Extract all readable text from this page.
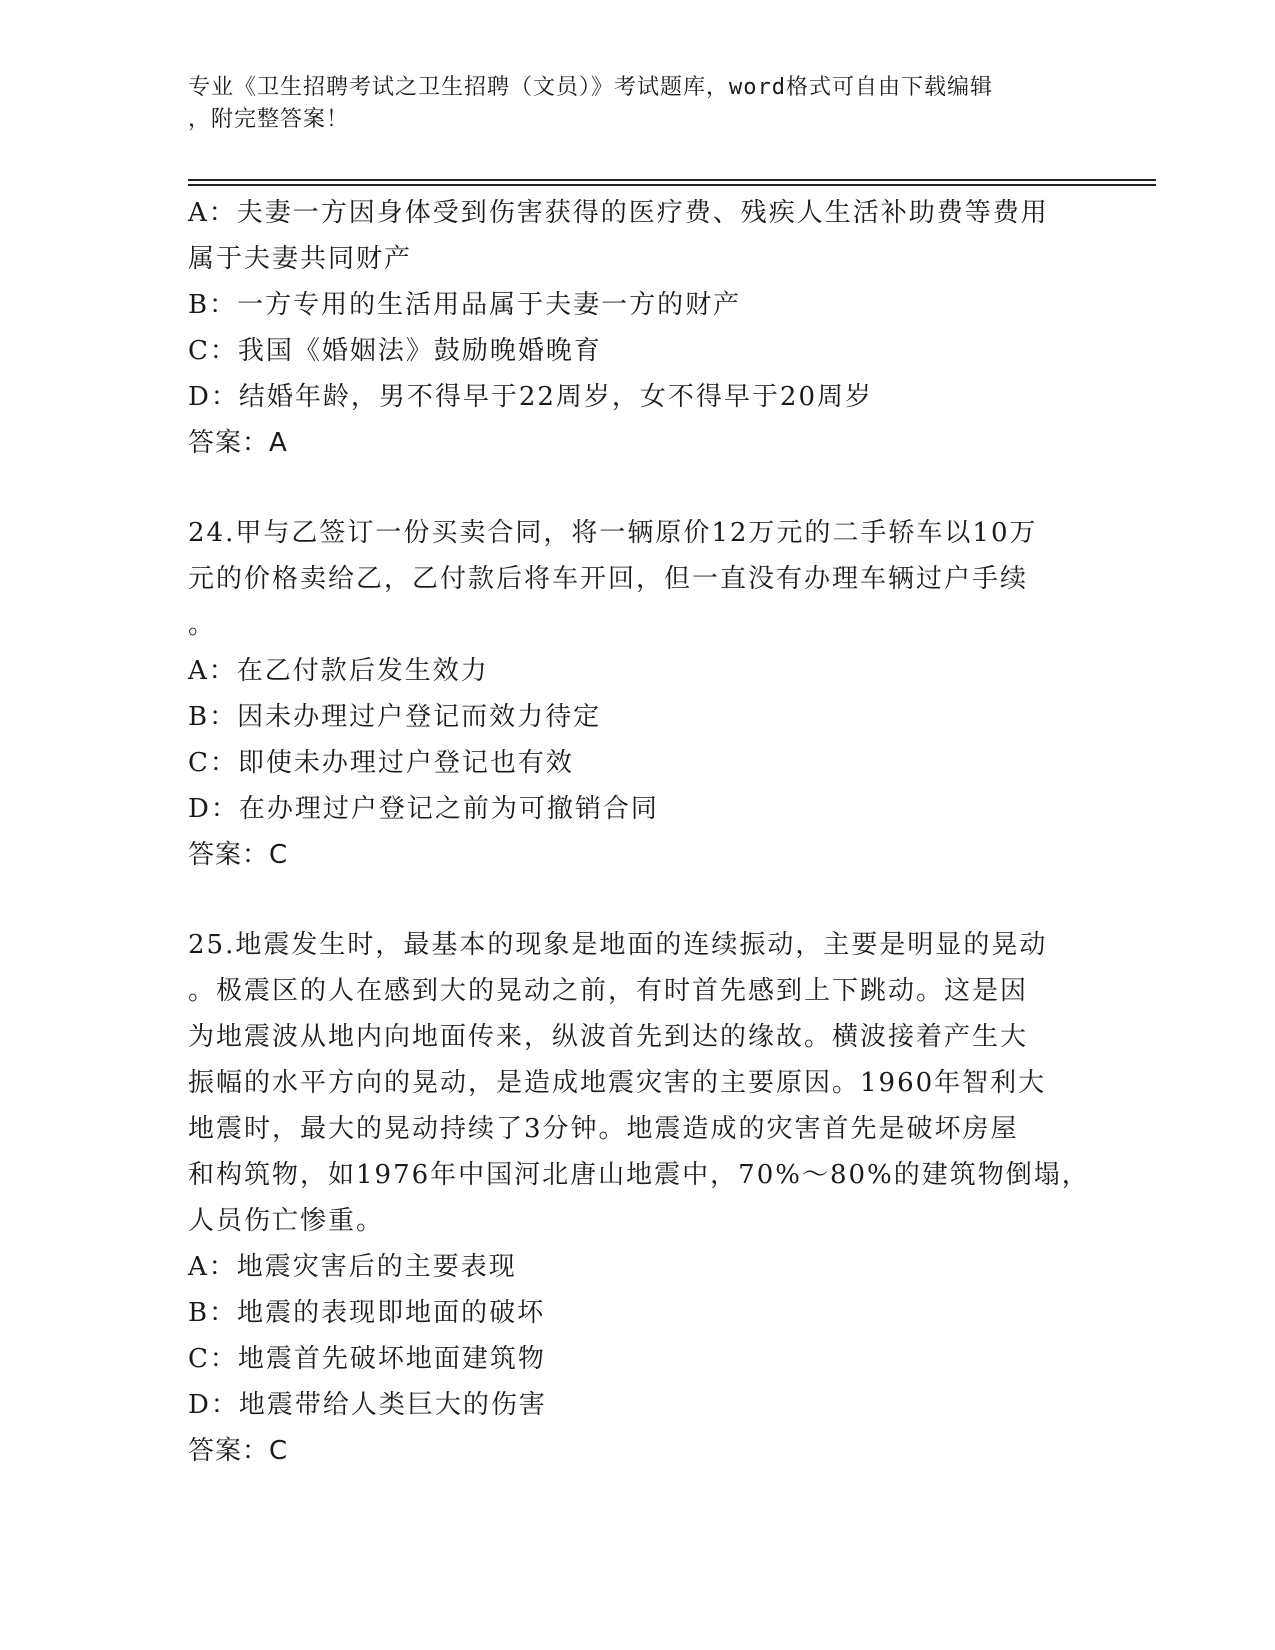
专业《卫生招聘考试之卫生招聘（文员）》考试题库，word格式可自由下载编辑
，附完整答案！
A：夫妻一方因身体受到伤害获得的医疗费、残疾人生活补助费等费用
属于夫妻共同财产
B：一方专用的生活用品属于夫妻一方的财产
C：我国《婚姻法》鼓励晚婚晚育
D：结婚年龄，男不得早于22周岁，女不得早于20周岁
答案：A
24.甲与乙签订一份买卖合同，将一辆原价12万元的二手轿车以10万
元的价格卖给乙，乙付款后将车开回，但一直没有办理车辆过户手续
。
A：在乙付款后发生效力
B：因未办理过户登记而效力待定
C：即使未办理过户登记也有效
D：在办理过户登记之前为可撤销合同
答案：C
25.地震发生时，最基本的现象是地面的连续振动，主要是明显的晃动
。极震区的人在感到大的晃动之前，有时首先感到上下跳动。这是因
为地震波从地内向地面传来，纵波首先到达的缘故。横波接着产生大
振幅的水平方向的晃动，是造成地震灾害的主要原因。1960年智利大
地震时，最大的晃动持续了3分钟。地震造成的灾害首先是破坏房屋
和构筑物，如1976年中国河北唐山地震中，70%～80%的建筑物倒塌，
人员伤亡惨重。
A：地震灾害后的主要表现
B：地震的表现即地面的破坏
C：地震首先破坏地面建筑物
D：地震带给人类巨大的伤害
答案：C
